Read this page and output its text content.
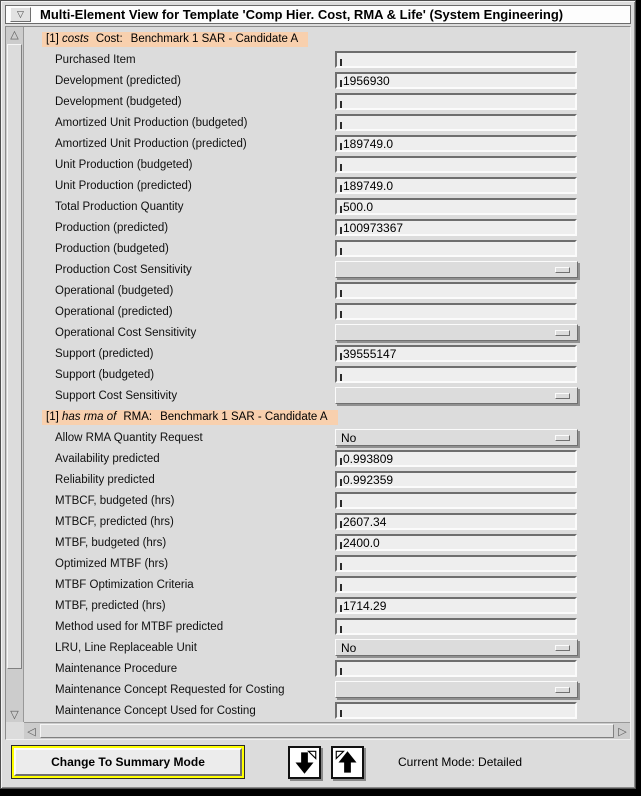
▽ Multi-Element View for Template 'Comp Hier. Cost, RMA & Life' (System Engineering)
△
▽
[1] costs Cost: Benchmark 1 SAR - Candidate A
Purchased Item
Development (predicted)	1956930
Development (budgeted)
Amortized Unit Production (budgeted)
Amortized Unit Production (predicted)	189749.0
Unit Production (budgeted)
Unit Production (predicted)	189749.0
Total Production Quantity	500.0
Production (predicted)	100973367
Production (budgeted)
Production Cost Sensitivity
Operational (budgeted)
Operational (predicted)
Operational Cost Sensitivity
Support (predicted)	39555147
Support (budgeted)
Support Cost Sensitivity
[1] has rma of RMA: Benchmark 1 SAR - Candidate A
Allow RMA Quantity Request	No
Availability predicted	0.993809
Reliability predicted	0.992359
MTBCF, budgeted (hrs)
MTBCF, predicted (hrs)	2607.34
MTBF, budgeted (hrs)	2400.0
Optimized MTBF (hrs)
MTBF Optimization Criteria
MTBF, predicted (hrs)	1714.29
Method used for MTBF predicted
LRU, Line Replaceable Unit	No
Maintenance Procedure
Maintenance Concept Requested for Costing
Maintenance Concept Used for Costing
◁	▷
Change To Summary Mode	Current Mode: Detailed
